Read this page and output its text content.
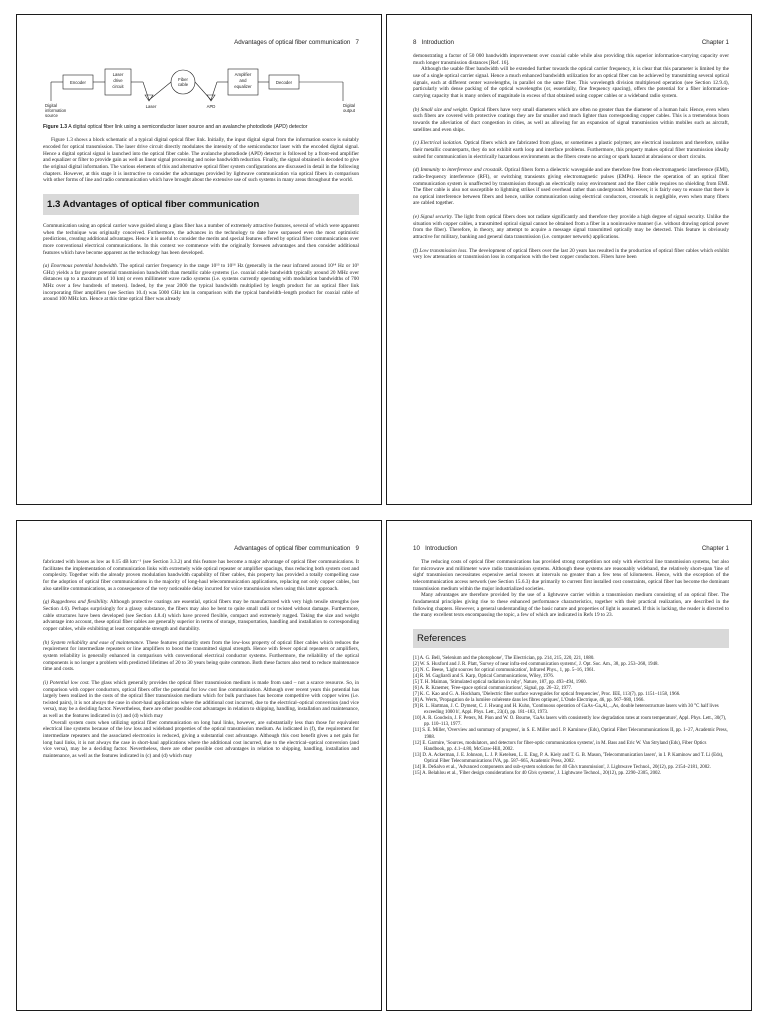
Advantages of optical fiber communication 7
Encoder
Laser
drive
circuit
Laser
Fiber
cable
APD
Amplifier
and
equalizer
Decoder
Digital
information
source
Digital
output
Figure 1.3 A digital optical fiber link using a semiconductor laser source and an avalanche photodiode (APD) detector

Figure 1.3 shows a block schematic of a typical digital optical fiber link. Initially, the input digital signal from the information source is suitably encoded for optical transmission. The laser drive circuit directly modulates the intensity of the semiconductor laser with the encoded digital signal. Hence a digital optical signal is launched into the optical fiber cable. The avalanche photodiode (APD) detector is followed by a front-end amplifier and equalizer or filter to provide gain as well as linear signal processing and noise bandwidth reduction. Finally, the signal obtained is decoded to give the original digital information. The various elements of this and alternative optical fiber system configurations are discussed in detail in the following chapters. However, at this stage it is instructive to consider the advantages provided by lightwave communication via optical fibers in comparison with other forms of line and radio communication which have brought about the extensive use of such systems in many areas throughout the world.

1.3 Advantages of optical fiber communication

Communication using an optical carrier wave guided along a glass fiber has a number of extremely attractive features, several of which were apparent when the technique was originally conceived. Furthermore, the advances in the technology to date have surpassed even the most optimistic predictions, creating additional advantages. Hence it is useful to consider the merits and special features offered by optical fiber communications over more conventional electrical communications. In this context we commence with the originally foreseen advantages and then consider additional features which have become apparent as the technology has been developed.

(a) Enormous potential bandwidth. The optical carrier frequency in the range 10¹³ to 10¹⁶ Hz (generally in the near infrared around 10¹⁴ Hz or 10⁵ GHz) yields a far greater potential transmission bandwidth than metallic cable systems (i.e. coaxial cable bandwidth typically around 20 MHz over distances up to a maximum of 10 km) or even millimeter wave radio systems (i.e. systems currently operating with modulation bandwidths of 700 MHz over a few hundreds of meters). Indeed, by the year 2000 the typical bandwidth multiplied by length product for an optical fiber link incorporating fiber amplifiers (see Section 10.4) was 5000 GHz km in comparison with the typical bandwidth–length product for coaxial cable of around 100 MHz km. Hence at this time optical fiber was already

8 Introduction	Chapter 1

demonstrating a factor of 50 000 bandwidth improvement over coaxial cable while also providing this superior information-carrying capacity over much longer transmission distances [Ref. 16].

Although the usable fiber bandwidth will be extended further towards the optical carrier frequency, it is clear that this parameter is limited by the use of a single optical carrier signal. Hence a much enhanced bandwidth utilization for an optical fiber can be achieved by transmitting several optical signals, each at different center wavelengths, in parallel on the same fiber. This wavelength division multiplexed operation (see Section 12.9.4), particularly with dense packing of the optical wavelengths (or, essentially, fine frequency spacing), offers the potential for a fiber information-carrying capacity that is many orders of magnitude in excess of that obtained using copper cables or a wideband radio system.

(b) Small size and weight. Optical fibers have very small diameters which are often no greater than the diameter of a human hair. Hence, even when such fibers are covered with protective coatings they are far smaller and much lighter than corresponding copper cables. This is a tremendous boon towards the alleviation of duct congestion in cities, as well as allowing for an expansion of signal transmission within mobiles such as aircraft, satellites and even ships.

(c) Electrical isolation. Optical fibers which are fabricated from glass, or sometimes a plastic polymer, are electrical insulators and therefore, unlike their metallic counterparts, they do not exhibit earth loop and interface problems. Furthermore, this property makes optical fiber transmission ideally suited for communication in electrically hazardous environments as the fibers create no arcing or spark hazard at abrasions or short circuits.

(d) Immunity to interference and crosstalk. Optical fibers form a dielectric waveguide and are therefore free from electromagnetic interference (EMI), radio-frequency interference (RFI), or switching transients giving electromagnetic pulses (EMPs). Hence the operation of an optical fiber communication system is unaffected by transmission through an electrically noisy environment and the fiber cable requires no shielding from EMI. The fiber cable is also not susceptible to lightning strikes if used overhead rather than underground. Moreover, it is fairly easy to ensure that there is no optical interference between fibers and hence, unlike communication using electrical conductors, crosstalk is negligible, even when many fibers are cabled together.

(e) Signal security. The light from optical fibers does not radiate significantly and therefore they provide a high degree of signal security. Unlike the situation with copper cables, a transmitted optical signal cannot be obtained from a fiber in a noninvasive manner (i.e. without drawing optical power from the fiber). Therefore, in theory, any attempt to acquire a message signal transmitted optically may be detected. This feature is obviously attractive for military, banking and general data transmission (i.e. computer network) applications.

(f) Low transmission loss. The development of optical fibers over the last 20 years has resulted in the production of optical fiber cables which exhibit very low attenuation or transmission loss in comparison with the best copper conductors. Fibers have been

Advantages of optical fiber communication 9

fabricated with losses as low as 0.15 dB km⁻¹ (see Section 3.3.2) and this feature has become a major advantage of optical fiber communications. It facilitates the implementation of communication links with extremely wide optical repeater or amplifier spacings, thus reducing both system cost and complexity. Together with the already proven modulation bandwidth capability of fiber cables, this property has provided a totally compelling case for the adoption of optical fiber communications in the majority of long-haul telecommunication applications, replacing not only copper cables, but also satellite communications, as a consequence of the very noticeable delay incurred for voice transmission when using this latter approach.

(g) Ruggedness and flexibility. Although protective coatings are essential, optical fibers may be manufactured with very high tensile strengths (see Section 4.6). Perhaps surprisingly for a glassy substance, the fibers may also be bent to quite small radii or twisted without damage. Furthermore, cable structures have been developed (see Section 4.8.4) which have proved flexible, compact and extremely rugged. Taking the size and weight advantage into account, these optical fiber cables are generally superior in terms of storage, transportation, handling and installation to corresponding copper cables, while exhibiting at least comparable strength and durability.

(h) System reliability and ease of maintenance. These features primarily stem from the low-loss property of optical fiber cables which reduces the requirement for intermediate repeaters or line amplifiers to boost the transmitted signal strength. Hence with fewer optical repeaters or amplifiers, system reliability is generally enhanced in comparison with conventional electrical conductor systems. Furthermore, the reliability of the optical components is no longer a problem with predicted lifetimes of 20 to 30 years being quite common. Both these factors also tend to reduce maintenance time and costs.

(i) Potential low cost. The glass which generally provides the optical fiber transmission medium is made from sand – not a scarce resource. So, in comparison with copper conductors, optical fibers offer the potential for low cost line communication. Although over recent years this potential has largely been realized in the costs of the optical fiber transmission medium which for bulk purchases has become competitive with copper wires (i.e. twisted pairs), it is not always the case in short-haul applications where the additional cost incurred, due to the electrical–optical conversion (and vice versa), may be a deciding factor. Nevertheless, there are other possible cost advantages in relation to shipping, handling, installation and maintenance, as well as the features indicated in (c) and (d) which may

Overall system costs when utilizing optical fiber communication on long haul links, however, are substantially less than those for equivalent electrical line systems because of the low loss and wideband properties of the optical transmission medium. As indicated in (f), the requirement for intermediate repeaters and the associated electronics is reduced, giving a substantial cost advantage. Although this cost benefit gives a net gain for long haul links, it is not always the case in short-haul applications where the additional cost incurred, due to the electrical–optical conversion (and vice versa), may be a deciding factor. Nevertheless, there are other possible cost advantages in relation to shipping, handling, installation and maintenance, as well as the features indicated in (c) and (d) which may

10 Introduction	Chapter 1

The reducing costs of optical fiber communications has provided strong competition not only with electrical line transmission systems, but also for microwave and millimeter wave radio transmission systems. Although these systems are reasonably wideband, the relatively short-span 'line of sight' transmission necessitates expensive aerial towers at intervals no greater than a few tens of kilometers. Hence, with the exception of the telecommunication access network (see Section 15.6.3) due primarily to current first installed cost constraints, optical fiber has become the dominant transmission medium within the major industrialized societies.

Many advantages are therefore provided by the use of a lightwave carrier within a transmission medium consisting of an optical fiber. The fundamental principles giving rise to these enhanced performance characteristics, together with their practical realization, are described in the following chapters. However, a general understanding of the basic nature and properties of light is assumed. If this is lacking, the reader is directed to the many excellent texts encompassing the topic, a few of which are indicated in Refs 19 to 23.

References

[1] A. G. Bell, 'Selenium and the photophone', The Electrician, pp. 214, 215, 220, 221, 1880.

[2] W. S. Huxford and J. R. Platt, 'Survey of near infra-red communication systems', J. Opt. Soc. Am., 38, pp. 253–268, 1948.

[3] N. C. Beese, 'Light sources for optical communication', Infrared Phys., 1, pp. 5–16, 1961.

[4] R. M. Gagliardi and S. Karp, Optical Communications, Wiley, 1976.

[5] T. H. Maiman, 'Stimulated optical radiation in ruby', Nature, 187, pp. 493–494, 1960.

[6] A. R. Kraemer, 'Free-space optical communications', Signal, pp. 26–32, 1977.

[7] K. C. Kao and G. A. Hockham, 'Dielectric fiber surface waveguides for optical frequencies', Proc. IEE, 113(7), pp. 1151–1158, 1966.

[8] A. Werts, 'Propagation de la lumière cohérente dans les fibres optiques', L'Onde Electrique, 46, pp. 967–980, 1966.

[9] R. L. Hartman, J. C. Dyment, C. J. Hwang and H. Kuhn, 'Continuous operation of GaAs–GaₓAl₁₋ₓAs, double heterostructure lasers with 30 °C half lives exceeding 1000 h', Appl. Phys. Lett., 23(4), pp. 181–183, 1973.

[10] A. R. Goodwin, J. F. Peters, M. Pion and W. O. Bourne, 'GaAs lasers with consistently low degradation rates at room temperature', Appl. Phys. Lett., 30(7), pp. 110–113, 1977.

[11] S. E. Miller, 'Overview and summary of progress', in S. E. Miller and I. P. Kaminow (Eds), Optical Fiber Telecommunications II, pp. 1–27, Academic Press, 1988.

[12] E. Garmire, 'Sources, modulators, and detectors for fiber-optic communication systems', in M. Bass and Eric W. Van Stryland (Eds), Fiber Optics Handbook, pp. 4.1–4.80, McGraw-Hill, 2002.

[13] D. A. Ackerman, J. E. Johnson, L. J. P. Ketelsen, L. E. Eng, P. A. Kiely and T. G. B. Mason, 'Telecommunication lasers', in I. P. Kaminow and T. Li (Eds), Optical Fiber Telecommunications IVA, pp. 587–665, Academic Press, 2002.

[14] R. DeSalvo et al., 'Advanced components and sub-system solutions for 40 Gb/s transmission', J. Lightwave Technol., 20(12), pp. 2154–2181, 2002.

[15] A. Belahlou et al., 'Fiber design considerations for 40 Gb/s systems', J. Lightwave Technol., 20(12), pp. 2290–2305, 2002.
